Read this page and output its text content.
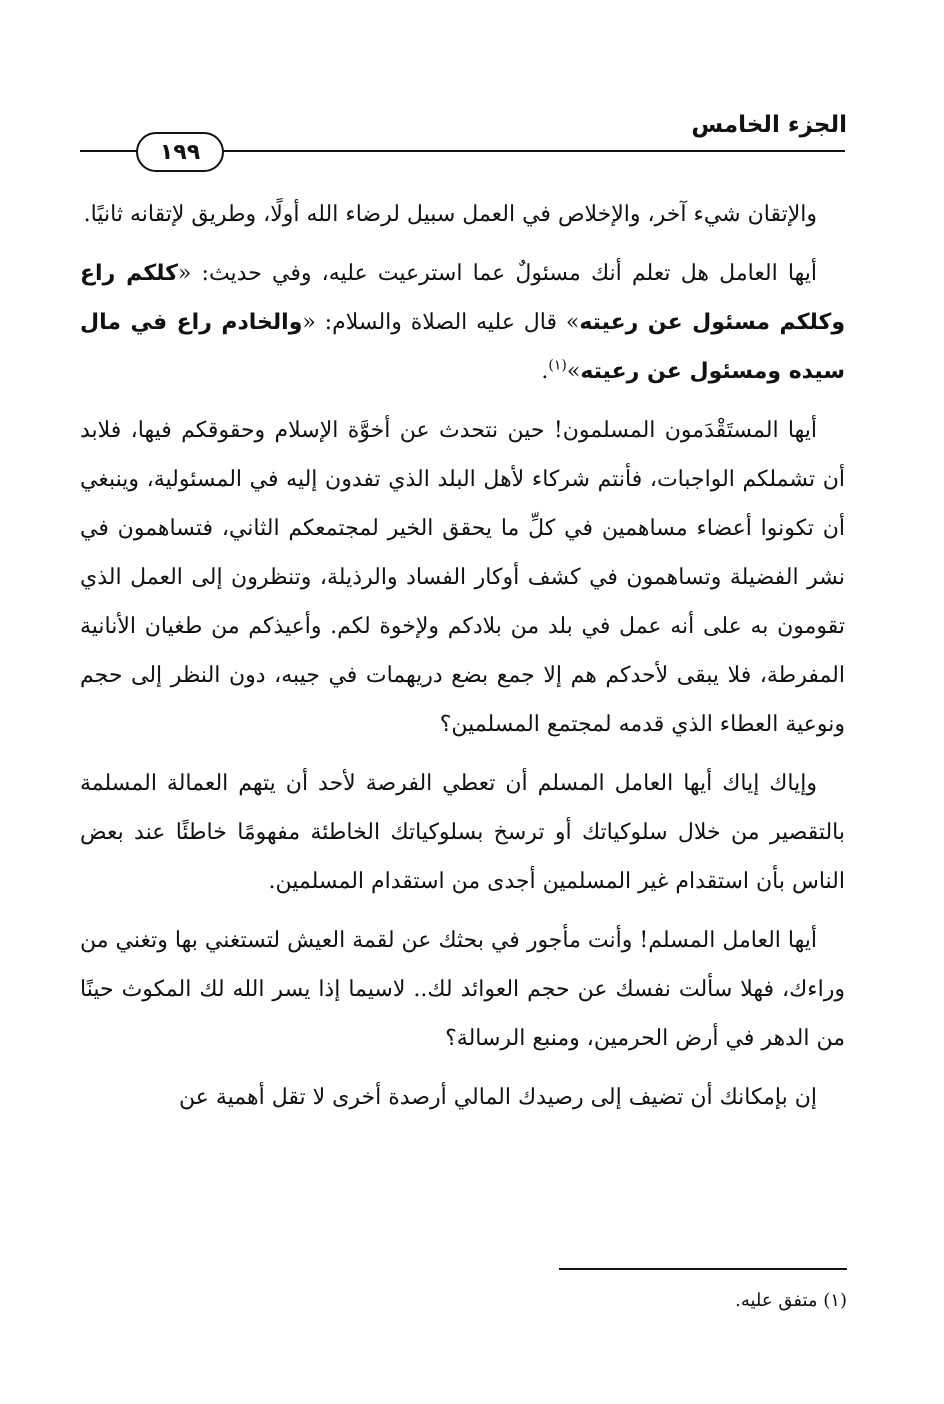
الجزء الخامس
١٩٩

والإتقان شيء آخر، والإخلاص في العمل سبيل لرضاء الله أولًا، وطريق لإتقانه ثانيًا.

أيها العامل هل تعلم أنك مسئولٌ عما استرعيت عليه، وفي حديث: «كلكم راع وكلكم مسئول عن رعيته» قال عليه الصلاة والسلام: «والخادم راع في مال سيده ومسئول عن رعيته»$^{(١)}$.

أيها المستَقْدَمون المسلمون! حين نتحدث عن أخوَّة الإسلام وحقوقكم فيها، فلابد أن تشملكم الواجبات، فأنتم شركاء لأهل البلد الذي تفدون إليه في المسئولية، وينبغي أن تكونوا أعضاء مساهمين في كلِّ ما يحقق الخير لمجتمعكم الثاني، فتساهمون في نشر الفضيلة وتساهمون في كشف أوكار الفساد والرذيلة، وتنظرون إلى العمل الذي تقومون به على أنه عمل في بلد من بلادكم ولإخوة لكم. وأعيذكم من طغيان الأنانية المفرطة، فلا يبقى لأحدكم هم إلا جمع بضع دريهمات في جيبه، دون النظر إلى حجم ونوعية العطاء الذي قدمه لمجتمع المسلمين؟

وإياك إياك أيها العامل المسلم أن تعطي الفرصة لأحد أن يتهم العمالة المسلمة بالتقصير من خلال سلوكياتك أو ترسخ بسلوكياتك الخاطئة مفهومًا خاطئًا عند بعض الناس بأن استقدام غير المسلمين أجدى من استقدام المسلمين.

أيها العامل المسلم! وأنت مأجور في بحثك عن لقمة العيش لتستغني بها وتغني من وراءك، فهلا سألت نفسك عن حجم العوائد لك.. لاسيما إذا يسر الله لك المكوث حينًا من الدهر في أرض الحرمين، ومنبع الرسالة؟

إن بإمكانك أن تضيف إلى رصيدك المالي أرصدة أخرى لا تقل أهمية عن

(١) متفق عليه.
